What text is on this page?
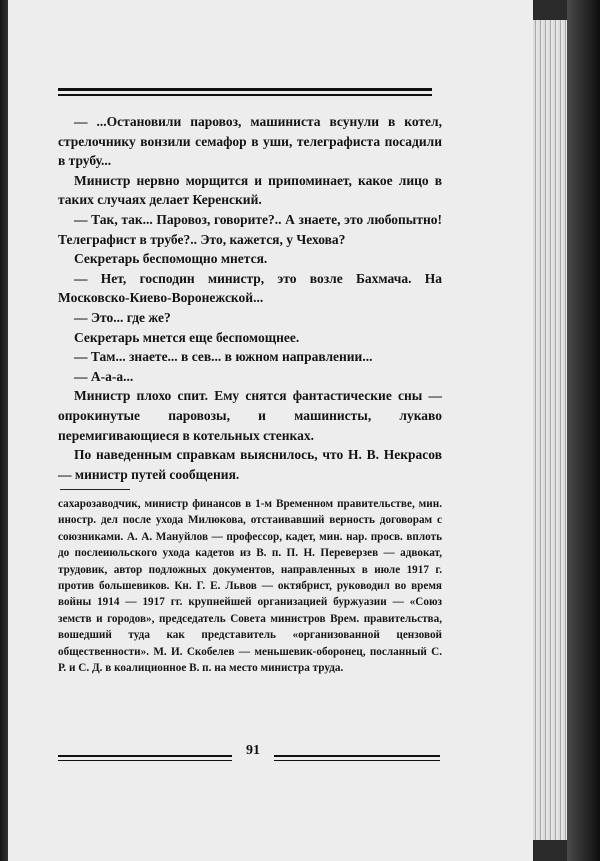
— ...Остановили паровоз, машиниста всунули в котел, стрелочнику вонзили семафор в уши, телеграфиста посадили в трубу...

Министр нервно морщится и припоминает, какое лицо в таких случаях делает Керенский.

— Так, так... Паровоз, говорите?.. А знаете, это любопытно! Телеграфист в трубе?.. Это, кажется, у Чехова?

Секретарь беспомощно мнется.

— Нет, господин министр, это возле Бахмача. На Московско-Киево-Воронежской...

— Это... где же?

Секретарь мнется еще беспомощнее.

— Там... знаете... в сев... в южном направлении...

— А-а-а...

Министр плохо спит. Ему снятся фантастические сны — опрокинутые паровозы, и машинисты, лукаво перемигивающиеся в котельных стенках.

По наведенным справкам выяснилось, что Н. В. Некрасов — министр путей сообщения.

сахарозаводчик, министр финансов в 1-м Временном правительстве, мин. иностр. дел после ухода Милюкова, отстаивавший верность договорам с союзниками. А. А. Мануйлов — профессор, кадет, мин. нар. просв. вплоть до послеиюльского ухода кадетов из В. п. П. Н. Переверзев — адвокат, трудовик, автор подложных документов, направленных в июле 1917 г. против большевиков. Кн. Г. Е. Львов — октябрист, руководил во время войны 1914 — 1917 гг. крупнейшей организацией буржуазии — «Союз земств и городов», председатель Совета министров Врем. правительства, вошедший туда как представитель «организованной цензовой общественности». М. И. Скобелев — меньшевик-оборонец, посланный С. Р. и С. Д. в коалиционное В. п. на место министра труда.

91
